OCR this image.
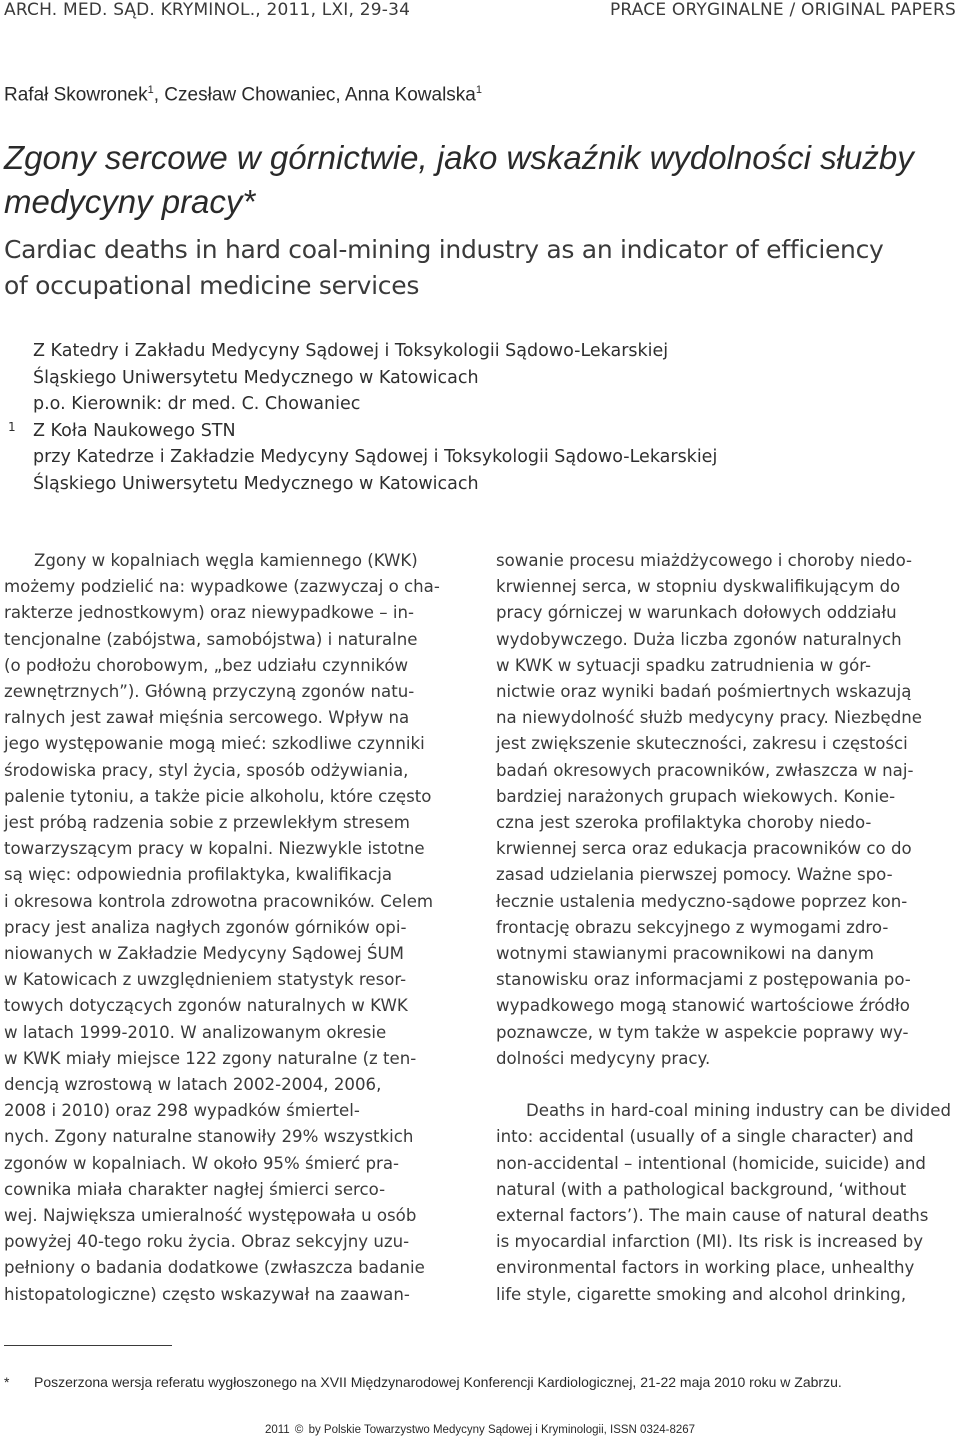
ARCH. MED. SĄD. KRYMINOL., 2011, LXI, 29-34	PRACE ORYGINALNE / ORIGINAL PAPERS
Rafał Skowronek$^1$, Czesław Chowaniec, Anna Kowalska$^1$
Zgony sercowe w górnictwie, jako wskaźnik wydolności służby
medycyny pracy*
Cardiac deaths in hard coal-mining industry as an indicator of efficiency
of occupational medicine services
1
Z Katedry i Zakładu Medycyny Sądowej i Toksykologii Sądowo-Lekarskiej
Śląskiego Uniwersytetu Medycznego w Katowicach
p.o. Kierownik: dr med. C. Chowaniec
Z Koła Naukowego STN
przy Katedrze i Zakładzie Medycyny Sądowej i Toksykologii Sądowo-Lekarskiej
Śląskiego Uniwersytetu Medycznego w Katowicach
Zgony w kopalniach węgla kamiennego (KWK)
możemy podzielić na: wypadkowe (zazwyczaj o cha-
rakterze jednostkowym) oraz niewypadkowe – in-
tencjonalne (zabójstwa, samobójstwa) i naturalne
(o podłożu chorobowym, „bez udziału czynników
zewnętrznych”). Główną przyczyną zgonów natu-
ralnych jest zawał mięśnia sercowego. Wpływ na
jego występowanie mogą mieć: szkodliwe czynniki
środowiska pracy, styl życia, sposób odżywiania,
palenie tytoniu, a także picie alkoholu, które często
jest próbą radzenia sobie z przewlekłym stresem
towarzyszącym pracy w kopalni. Niezwykle istotne
są więc: odpowiednia profilaktyka, kwalifikacja
i okresowa kontrola zdrowotna pracowników. Celem
pracy jest analiza nagłych zgonów górników opi-
niowanych w Zakładzie Medycyny Sądowej ŚUM
w Katowicach z uwzględnieniem statystyk resor-
towych dotyczących zgonów naturalnych w KWK
w latach 1999-2010. W analizowanym okresie
w KWK miały miejsce 122 zgony naturalne (z ten-
dencją wzrostową w latach 2002-2004, 2006,
2008 i 2010) oraz 298 wypadków śmiertel-
nych. Zgony naturalne stanowiły 29% wszystkich
zgonów w kopalniach. W około 95% śmierć pra-
cownika miała charakter nagłej śmierci serco-
wej. Największa umieralność występowała u osób
powyżej 40-tego roku życia. Obraz sekcyjny uzu-
pełniony o badania dodatkowe (zwłaszcza badanie
histopatologiczne) często wskazywał na zaawan-
sowanie procesu miażdżycowego i choroby niedo-
krwiennej serca, w stopniu dyskwalifikującym do
pracy górniczej w warunkach dołowych oddziału
wydobywczego. Duża liczba zgonów naturalnych
w KWK w sytuacji spadku zatrudnienia w gór-
nictwie oraz wyniki badań pośmiertnych wskazują
na niewydolność służb medycyny pracy. Niezbędne
jest zwiększenie skuteczności, zakresu i częstości
badań okresowych pracowników, zwłaszcza w naj-
bardziej narażonych grupach wiekowych. Konie-
czna jest szeroka profilaktyka choroby niedo-
krwiennej serca oraz edukacja pracowników co do
zasad udzielania pierwszej pomocy. Ważne spo-
łecznie ustalenia medyczno-sądowe poprzez kon-
frontację obrazu sekcyjnego z wymogami zdro-
wotnymi stawianymi pracownikowi na danym
stanowisku oraz informacjami z postępowania po-
wypadkowego mogą stanowić wartościowe źródło
poznawcze, w tym także w aspekcie poprawy wy-
dolności medycyny pracy.
Deaths in hard-coal mining industry can be divided
into: accidental (usually of a single character) and
non-accidental – intentional (homicide, suicide) and
natural (with a pathological background, ‘without
external factors’). The main cause of natural deaths
is myocardial infarction (MI). Its risk is increased by
environmental factors in working place, unhealthy
life style, cigarette smoking and alcohol drinking,
* Poszerzona wersja referatu wygłoszonego na XVII Międzynarodowej Konferencji Kardiologicznej, 21-22 maja 2010 roku w Zabrzu.
2011 © by Polskie Towarzystwo Medycyny Sądowej i Kryminologii, ISSN 0324-8267
